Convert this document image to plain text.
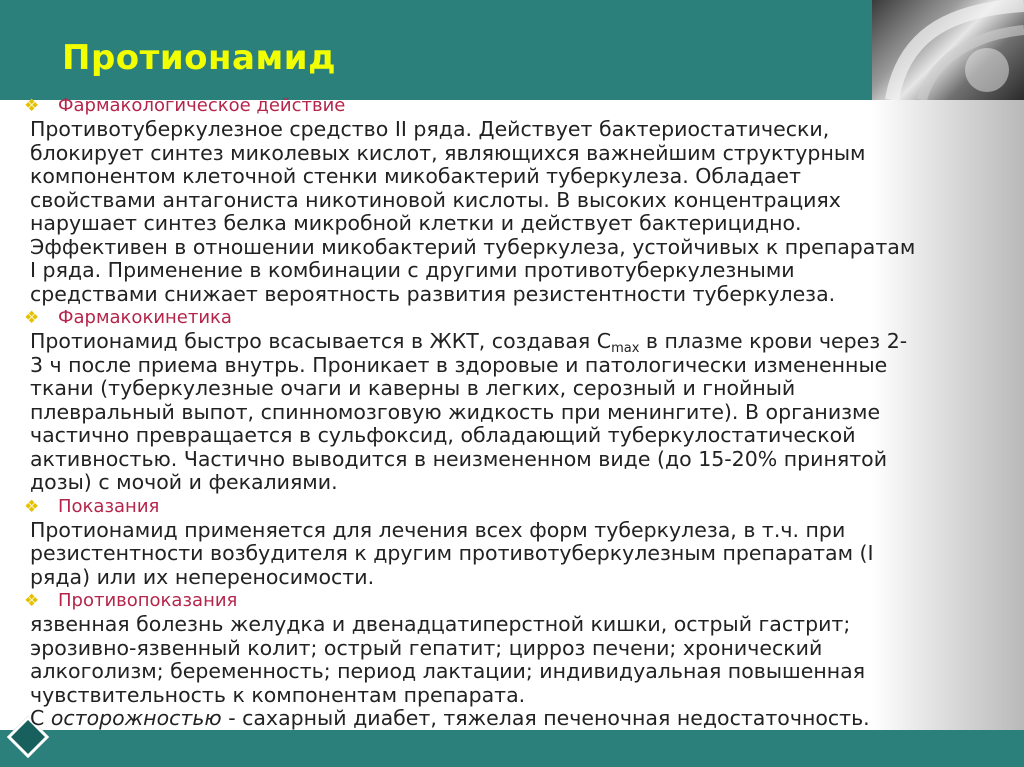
Протионамид
❖	Фармакологическое действие
Противотуберкулезное средство II ряда. Действует бактериостатически,
блокирует синтез миколевых кислот, являющихся важнейшим структурным
компонентом клеточной стенки микобактерий туберкулеза. Обладает
свойствами антагониста никотиновой кислоты. В высоких концентрациях
нарушает синтез белка микробной клетки и действует бактерицидно.
Эффективен в отношении микобактерий туберкулеза, устойчивых к препаратам
I ряда. Применение в комбинации с другими противотуберкулезными
средствами снижает вероятность развития резистентности туберкулеза.
❖	Фармакокинетика
Протионамид быстро всасывается в ЖКТ, создавая $C_{max}$ в плазме крови через 2-
3 ч после приема внутрь. Проникает в здоровые и патологически измененные
ткани (туберкулезные очаги и каверны в легких, серозный и гнойный
плевральный выпот, спинномозговую жидкость при менингите). В организме
частично превращается в сульфоксид, обладающий туберкулостатической
активностью. Частично выводится в неизмененном виде (до 15-20% принятой
дозы) с мочой и фекалиями.
❖	Показания
Протионамид применяется для лечения всех форм туберкулеза, в т.ч. при
резистентности возбудителя к другим противотуберкулезным препаратам (I
ряда) или их непереносимости.
❖	Противопоказания
язвенная болезнь желудка и двенадцатиперстной кишки, острый гастрит;
эрозивно-язвенный колит; острый гепатит; цирроз печени; хронический
алкоголизм; беременность; период лактации; индивидуальная повышенная
чувствительность к компонентам препарата.
С осторожностью - сахарный диабет, тяжелая печеночная недостаточность.
